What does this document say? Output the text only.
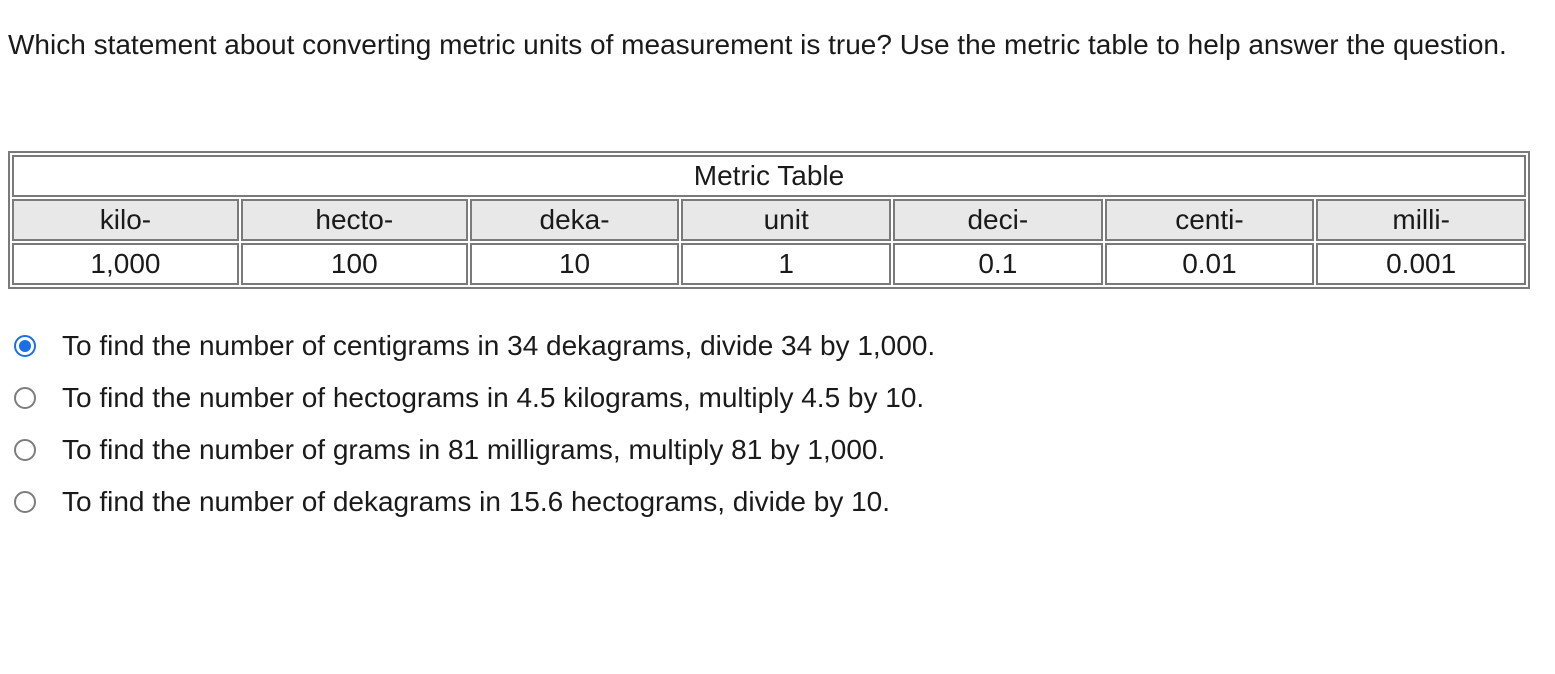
Which statement about converting metric units of measurement is true? Use the metric table to help answer the question.

Metric Table						
kilo-	hecto-	deka-	unit	deci-	centi-	milli-
1,000	100	10	1	0.1	0.01	0.001
To find the number of centigrams in 34 dekagrams, divide 34 by 1,000.
To find the number of hectograms in 4.5 kilograms, multiply 4.5 by 10.
To find the number of grams in 81 milligrams, multiply 81 by 1,000.
To find the number of dekagrams in 15.6 hectograms, divide by 10.
